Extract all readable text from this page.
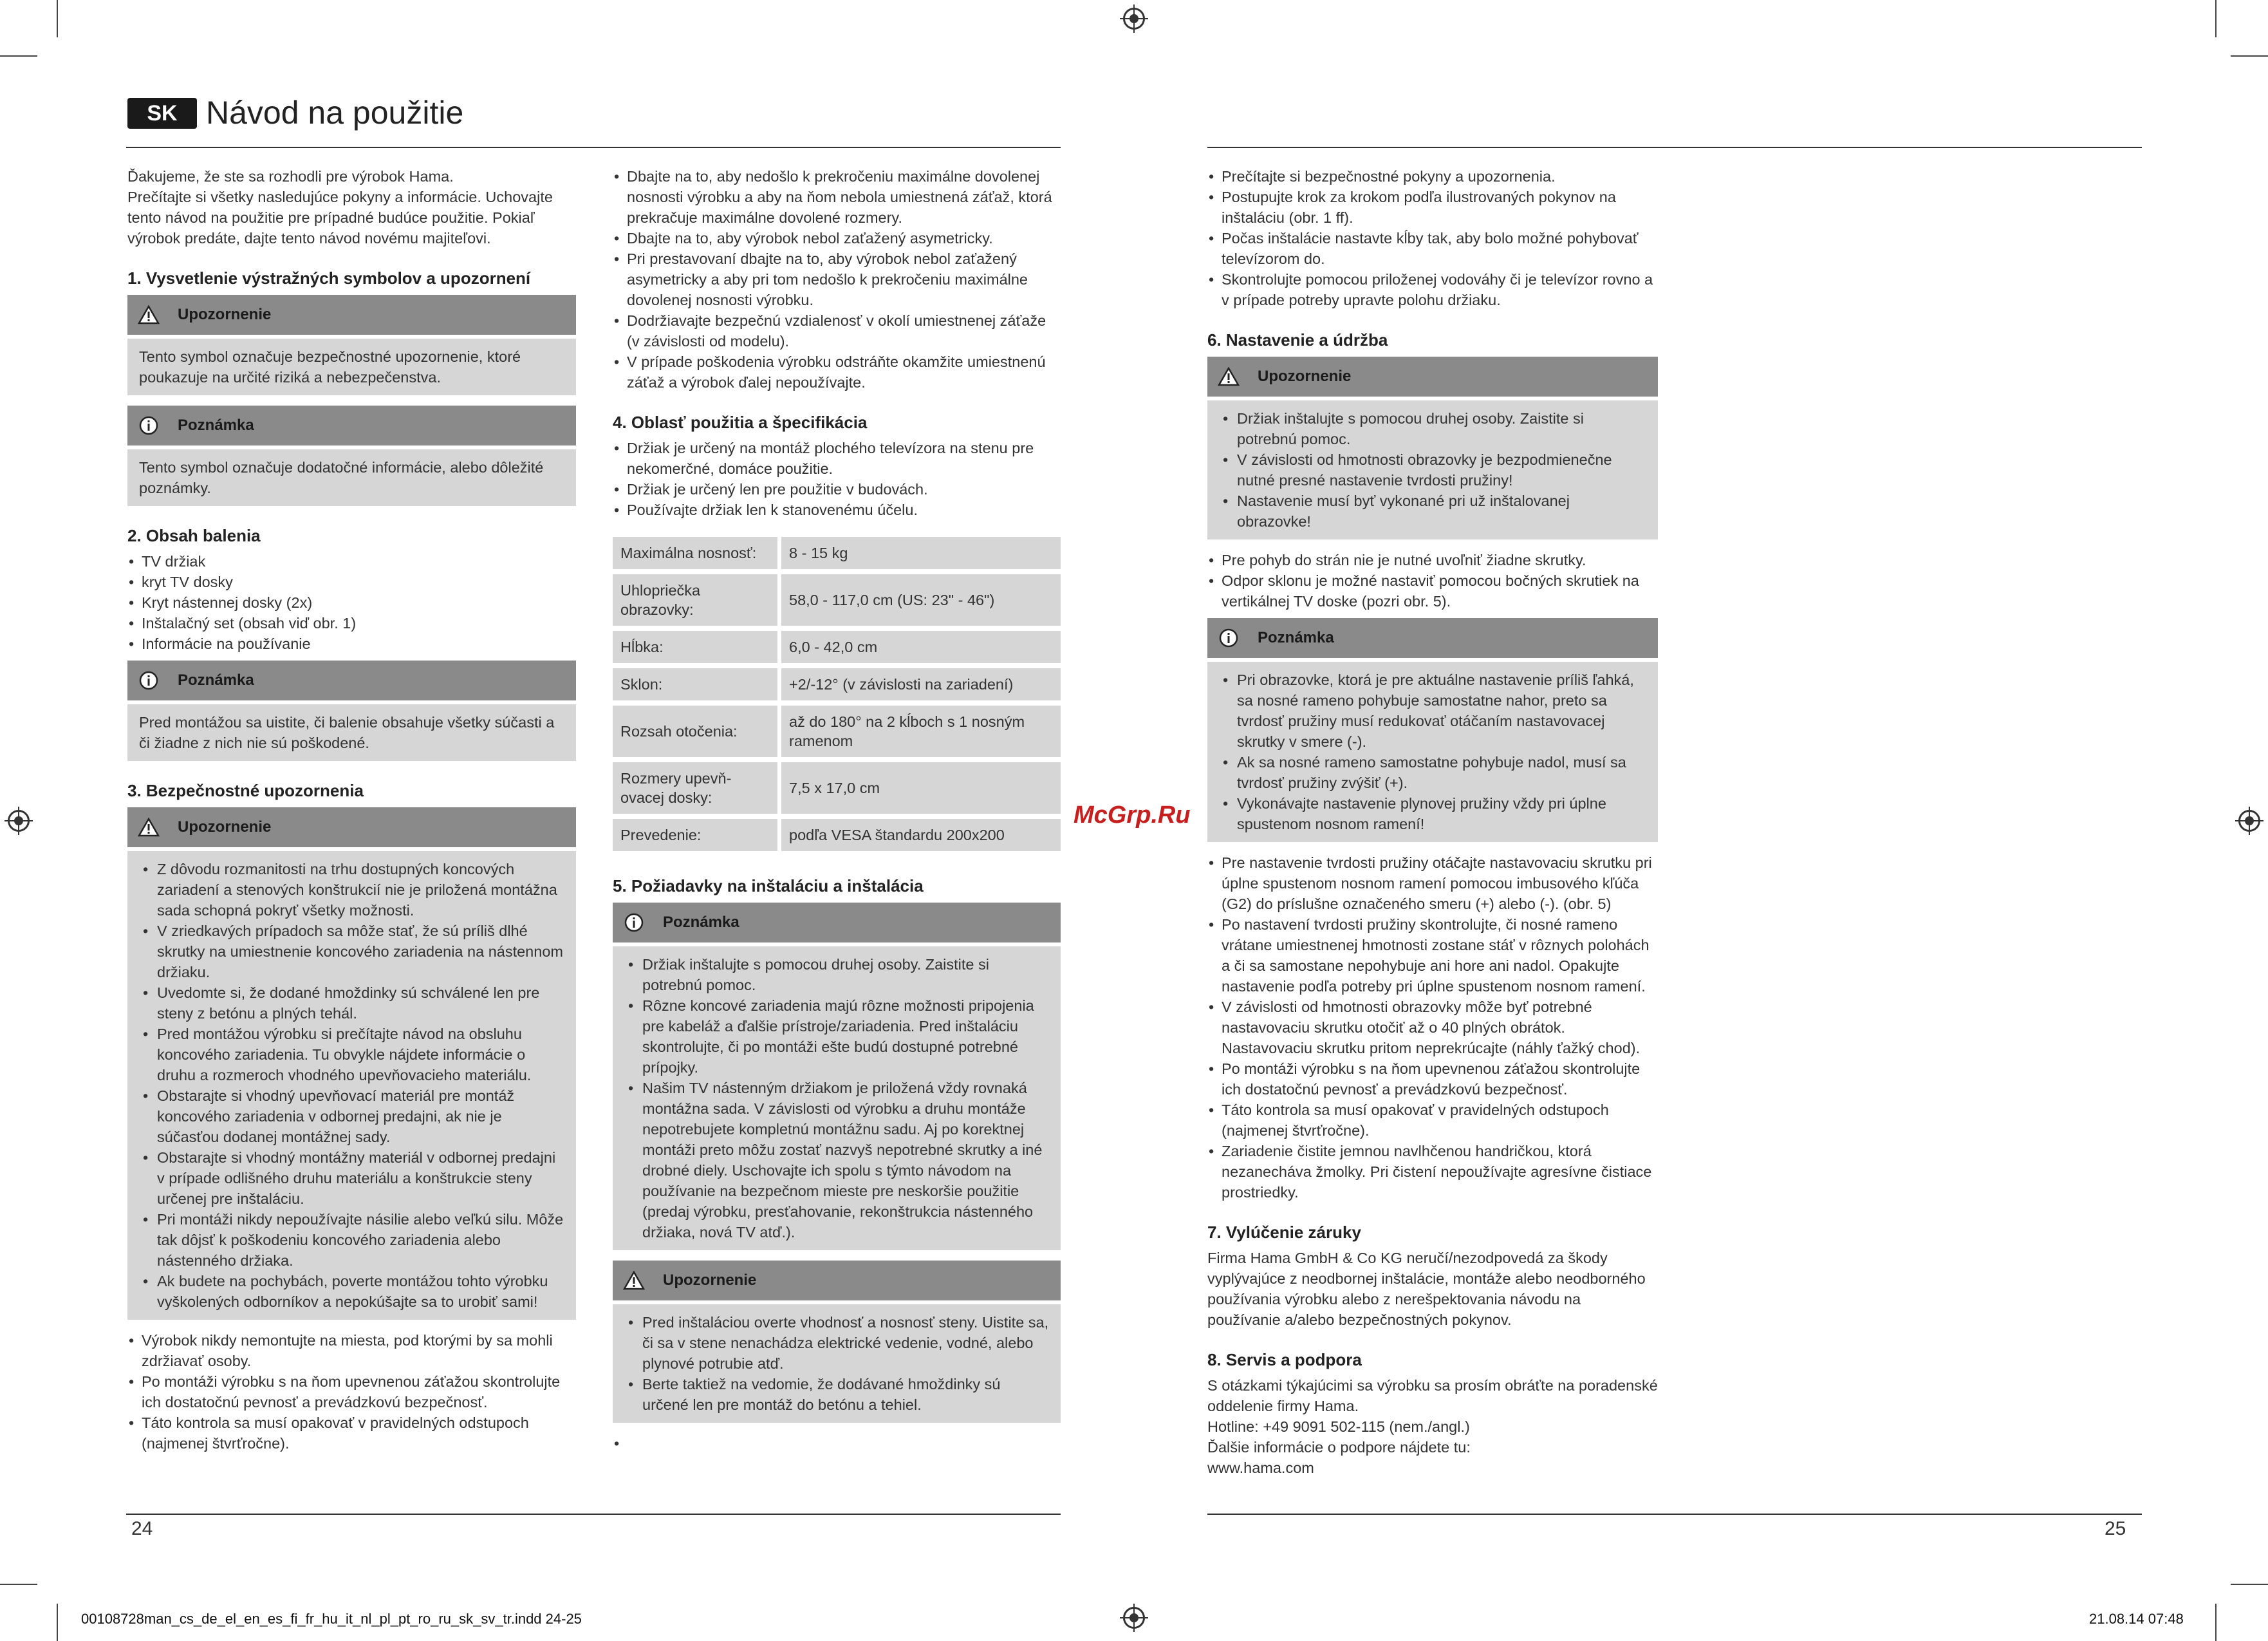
SK Návod na použitie

Ďakujeme, že ste sa rozhodli pre výrobok Hama.

Prečítajte si všetky nasledujúce pokyny a informácie. Uchovajte tento návod na použitie pre prípadné budúce použitie. Pokiaľ výrobok predáte, dajte tento návod novému majiteľovi.

1. Vysvetlenie výstražných symbolov a upozornení
Upozornenie
Tento symbol označuje bezpečnostné upozornenie, ktoré poukazuje na určité riziká a nebezpečenstva.
Poznámka
Tento symbol označuje dodatočné informácie, alebo dôležité poznámky.
2. Obsah balenia
• TV držiak
• kryt TV dosky
• Kryt nástennej dosky (2x)
• Inštalačný set (obsah viď obr. 1)
• Informácie na používanie
Poznámka
Pred montážou sa uistite, či balenie obsahuje všetky súčasti a či žiadne z nich nie sú poškodené.
3. Bezpečnostné upozornenia
Upozornenie
• Z dôvodu rozmanitosti na trhu dostupných koncových zariadení a stenových konštrukcií nie je priložená montážna sada schopná pokryť všetky možnosti.
• V zriedkavých prípadoch sa môže stať, že sú príliš dlhé skrutky na umiestnenie koncového zariadenia na nástennom držiaku.
• Uvedomte si, že dodané hmoždinky sú schválené len pre steny z betónu a plných tehál.
• Pred montážou výrobku si prečítajte návod na obsluhu koncového zariadenia. Tu obvykle nájdete informácie o druhu a rozmeroch vhodného upevňovacieho materiálu.
• Obstarajte si vhodný upevňovací materiál pre montáž koncového zariadenia v odbornej predajni, ak nie je súčasťou dodanej montážnej sady.
• Obstarajte si vhodný montážny materiál v odbornej predajni v prípade odlišného druhu materiálu a konštrukcie steny určenej pre inštaláciu.
• Pri montáži nikdy nepoužívajte násilie alebo veľkú silu. Môže tak dôjsť k poškodeniu koncového zariadenia alebo nástenného držiaka.
• Ak budete na pochybách, poverte montážou tohto výrobku vyškolených odborníkov a nepokúšajte sa to urobiť sami!
• Výrobok nikdy nemontujte na miesta, pod ktorými by sa mohli zdržiavať osoby.
• Po montáži výrobku s na ňom upevnenou záťažou skontrolujte ich dostatočnú pevnosť a prevádzkovú bezpečnosť.
• Táto kontrola sa musí opakovať v pravidelných odstupoch (najmenej štvrťročne).
• Dbajte na to, aby nedošlo k prekročeniu maximálne dovolenej nosnosti výrobku a aby na ňom nebola umiestnená záťaž, ktorá prekračuje maximálne dovolené rozmery.
• Dbajte na to, aby výrobok nebol zaťažený asymetricky.
• Pri prestavovaní dbajte na to, aby výrobok nebol zaťažený asymetricky a aby pri tom nedošlo k prekročeniu maximálne dovolenej nosnosti výrobku.
• Dodržiavajte bezpečnú vzdialenosť v okolí umiestnenej záťaže (v závislosti od modelu).
• V prípade poškodenia výrobku odstráňte okamžite umiestnenú záťaž a výrobok ďalej nepoužívajte.
4. Oblasť použitia a špecifikácia
• Držiak je určený na montáž plochého televízora na stenu pre nekomerčné, domáce použitie.
• Držiak je určený len pre použitie v budovách.
• Používajte držiak len k stanovenému účelu.
Maximálna nosnosť:	8 - 15 kg
Uhlopriečka obrazovky:	58,0 - 117,0 cm (US: 23" - 46")
Hĺbka:	6,0 - 42,0 cm
Sklon:	+2/-12° (v závislosti na zariadení)
Rozsah otočenia:	až do 180° na 2 kĺboch s 1 nosným ramenom
Rozmery upevň-ovacej dosky:	7,5 x 17,0 cm
Prevedenie:	podľa VESA štandardu 200x200
5. Požiadavky na inštaláciu a inštalácia
Poznámka
• Držiak inštalujte s pomocou druhej osoby. Zaistite si potrebnú pomoc.
• Rôzne koncové zariadenia majú rôzne možnosti pripojenia pre kabeláž a ďalšie prístroje/zariadenia. Pred inštaláciu skontrolujte, či po montáži ešte budú dostupné potrebné prípojky.
• Našim TV nástenným držiakom je priložená vždy rovnaká montážna sada. V závislosti od výrobku a druhu montáže nepotrebujete kompletnú montážnu sadu. Aj po korektnej montáži preto môžu zostať nazvyš nepotrebné skrutky a iné drobné diely. Uschovajte ich spolu s týmto návodom na používanie na bezpečnom mieste pre neskoršie použitie (predaj výrobku, presťahovanie, rekonštrukcia nástenného držiaka, nová TV atď.).
Upozornenie
• Pred inštaláciou overte vhodnosť a nosnosť steny. Uistite sa, či sa v stene nenachádza elektrické vedenie, vodné, alebo plynové potrubie atď.
• Berte taktiež na vedomie, že dodávané hmoždinky sú určené len pre montáž do betónu a tehiel.
•
• Prečítajte si bezpečnostné pokyny a upozornenia.
• Postupujte krok za krokom podľa ilustrovaných pokynov na inštaláciu (obr. 1 ff).
• Počas inštalácie nastavte kĺby tak, aby bolo možné pohybovať televízorom do.
• Skontrolujte pomocou priloženej vodováhy či je televízor rovno a v prípade potreby upravte polohu držiaku.
6. Nastavenie a údržba
Upozornenie
• Držiak inštalujte s pomocou druhej osoby. Zaistite si potrebnú pomoc.
• V závislosti od hmotnosti obrazovky je bezpodmienečne nutné presné nastavenie tvrdosti pružiny!
• Nastavenie musí byť vykonané pri už inštalovanej obrazovke!
• Pre pohyb do strán nie je nutné uvoľniť žiadne skrutky.
• Odpor sklonu je možné nastaviť pomocou bočných skrutiek na vertikálnej TV doske (pozri obr. 5).
Poznámka
• Pri obrazovke, ktorá je pre aktuálne nastavenie príliš ľahká, sa nosné rameno pohybuje samostatne nahor, preto sa tvrdosť pružiny musí redukovať otáčaním nastavovacej skrutky v smere (-).
• Ak sa nosné rameno samostatne pohybuje nadol, musí sa tvrdosť pružiny zvýšiť (+).
• Vykonávajte nastavenie plynovej pružiny vždy pri úplne spustenom nosnom ramení!
• Pre nastavenie tvrdosti pružiny otáčajte nastavovaciu skrutku pri úplne spustenom nosnom ramení pomocou imbusového kľúča (G2) do príslušne označeného smeru (+) alebo (-). (obr. 5)
• Po nastavení tvrdosti pružiny skontrolujte, či nosné rameno vrátane umiestnenej hmotnosti zostane stáť v rôznych polohách a či sa samostane nepohybuje ani hore ani nadol. Opakujte nastavenie podľa potreby pri úplne spustenom nosnom ramení.
• V závislosti od hmotnosti obrazovky môže byť potrebné nastavovaciu skrutku otočiť až o 40 plných obrátok. Nastavovaciu skrutku pritom neprekrúcajte (náhly ťažký chod).
• Po montáži výrobku s na ňom upevnenou záťažou skontrolujte ich dostatočnú pevnosť a prevádzkovú bezpečnosť.
• Táto kontrola sa musí opakovať v pravidelných odstupoch (najmenej štvrťročne).
• Zariadenie čistite jemnou navlhčenou handričkou, ktorá nezanecháva žmolky. Pri čistení nepoužívajte agresívne čistiace prostriedky.
7. Vylúčenie záruky

Firma Hama GmbH & Co KG neručí/nezodpovedá za škody vyplývajúce z neodbornej inštalácie, montáže alebo neodborného používania výrobku alebo z nerešpektovania návodu na používanie a/alebo bezpečnostných pokynov.

8. Servis a podpora

S otázkami týkajúcimi sa výrobku sa prosím obráťte na poradenské oddelenie firmy Hama.

Hotline: +49 9091 502-115 (nem./angl.)

Ďalšie informácie o podpore nájdete tu:

www.hama.com

McGrp.Ru
24	25
00108728man_cs_de_el_en_es_fi_fr_hu_it_nl_pl_pt_ro_ru_sk_sv_tr.indd 24-25	21.08.14 07:48
